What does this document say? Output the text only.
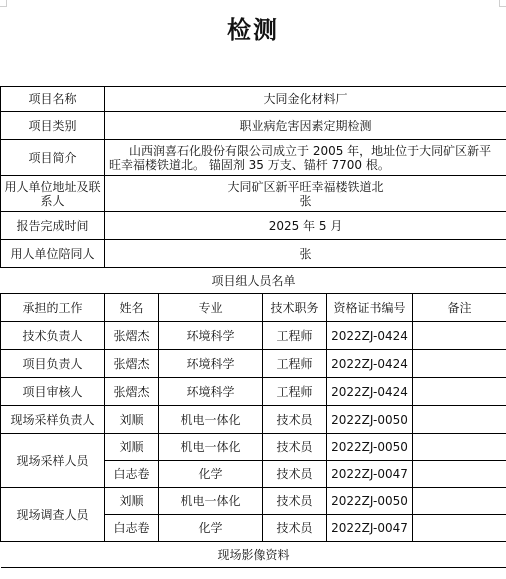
检测
项目名称	大同金化材料厂				
项目类别	职业病危害因素定期检测				
项目简介	山西润喜石化股份有限公司成立于 2005 年，地址位于大同矿区新平旺幸福楼铁道北。 锚固剂 35 万支、锚杆 7700 根。				
用人单位地址及联系人	大同矿区新平旺幸福楼铁道北
张				

报告完成时间	2025 年 5 月				
用人单位陪同人	张				
项目组人员名单					
承担的工作	姓名	专业	技术职务	资格证书编号	备注
技术负责人	张熠杰	环境科学	工程师	2022ZJ-0424	
项目负责人	张熠杰	环境科学	工程师	2022ZJ-0424	
项目审核人	张熠杰	环境科学	工程师	2022ZJ-0424	
现场采样负责人	刘顺	机电一体化	技术员	2022ZJ-0050	
现场采样人员	刘顺	机电一体化	技术员	2022ZJ-0050	
	白志卷	化学	技术员	2022ZJ-0047	
现场调查人员	刘顺	机电一体化	技术员	2022ZJ-0050	
	白志卷	化学	技术员	2022ZJ-0047	
现场影像资料					
